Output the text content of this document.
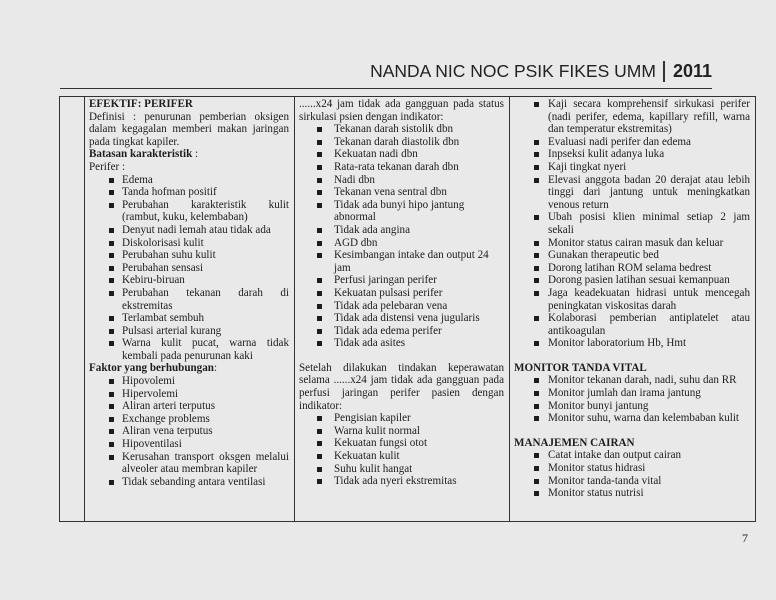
NANDA NIC NOC PSIK FIKES UMM 2011

EFEKTIF: PERIFER
Definisi : penurunan pemberian oksigen dalam kegagalan memberi makan jaringan pada tingkat kapiler.
Batasan karakteristik :
Perifer :
Edema
Tanda hofman positif
Perubahan karakteristik kulit (rambut, kuku, kelembaban)
Denyut nadi lemah atau tidak ada
Diskolorisasi kulit
Perubahan suhu kulit
Perubahan sensasi
Kebiru-biruan
Perubahan tekanan darah di ekstremitas
Terlambat sembuh
Pulsasi arterial kurang
Warna kulit pucat, warna tidak kembali pada penurunan kaki
Faktor yang berhubungan:
Hipovolemi
Hipervolemi
Aliran arteri terputus
Exchange problems
Aliran vena terputus
Hipoventilasi
Kerusahan transport oksgen melalui alveoler atau membran kapiler
Tidak sebanding antara ventilasi

......x24 jam tidak ada gangguan pada status sirkulasi psien dengan indikator:
Tekanan darah sistolik dbn
Tekanan darah diastolik dbn
Kekuatan nadi dbn
Rata-rata tekanan darah dbn
Nadi dbn
Tekanan vena sentral dbn
Tidak ada bunyi hipo jantung abnormal
Tidak ada angina
AGD dbn
Kesimbangan intake dan output 24 jam
Perfusi jaringan perifer
Kekuatan pulsasi perifer
Tidak ada pelebaran vena
Tidak ada distensi vena jugularis
Tidak ada edema perifer
Tidak ada asites
Setelah dilakukan tindakan keperawatan selama ......x24 jam tidak ada gangguan pada perfusi jaringan perifer pasien dengan indikator:
Pengisian kapiler
Warna kulit normal
Kekuatan fungsi otot
Kekuatan kulit
Suhu kulit hangat
Tidak ada nyeri ekstremitas

Kaji secara komprehensif sirkukasi perifer (nadi perifer, edema, kapillary refill, warna dan temperatur ekstremitas)
Evaluasi nadi perifer dan edema
Inpseksi kulit adanya luka
Kaji tingkat nyeri
Elevasi anggota badan 20 derajat atau lebih tinggi dari jantung untuk meningkatkan venous return
Ubah posisi klien minimal setiap 2 jam sekali
Monitor status cairan masuk dan keluar
Gunakan therapeutic bed
Dorong latihan ROM selama bedrest
Dorong pasien latihan sesuai kemanpuan
Jaga keadekuatan hidrasi untuk mencegah peningkatan viskositas darah
Kolaborasi pemberian antiplatelet atau antikoagulan
Monitor laboratorium Hb, Hmt
MONITOR TANDA VITAL
Monitor tekanan darah, nadi, suhu dan RR
Monitor jumlah dan irama jantung
Monitor bunyi jantung
Monitor suhu, warna dan kelembaban kulit
MANAJEMEN CAIRAN
Catat intake dan output cairan
Monitor status hidrasi
Monitor tanda-tanda vital
Monitor status nutrisi
7
